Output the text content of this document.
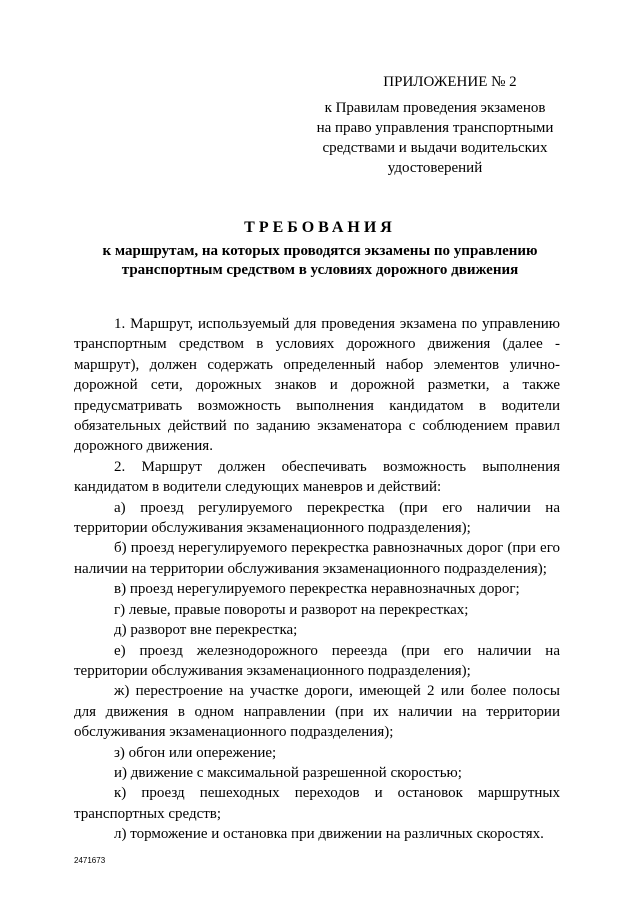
ПРИЛОЖЕНИЕ № 2
к Правилам проведения экзаменов
на право управления транспортными
средствами и выдачи водительских
удостоверений
ТРЕБОВАНИЯ
к маршрутам, на которых проводятся экзамены по управлению
транспортным средством в условиях дорожного движения

1. Маршрут, используемый для проведения экзамена по управлению транспортным средством в условиях дорожного движения (далее - маршрут), должен содержать определенный набор элементов улично-дорожной сети, дорожных знаков и дорожной разметки, а также предусматривать возможность выполнения кандидатом в водители обязательных действий по заданию экзаменатора с соблюдением правил дорожного движения.

2. Маршрут должен обеспечивать возможность выполнения кандидатом в водители следующих маневров и действий:

а) проезд регулируемого перекрестка (при его наличии на территории обслуживания экзаменационного подразделения);

б) проезд нерегулируемого перекрестка равнозначных дорог (при его наличии на территории обслуживания экзаменационного подразделения);

в) проезд нерегулируемого перекрестка неравнозначных дорог;

г) левые, правые повороты и разворот на перекрестках;

д) разворот вне перекрестка;

е) проезд железнодорожного переезда (при его наличии на территории обслуживания экзаменационного подразделения);

ж) перестроение на участке дороги, имеющей 2 или более полосы для движения в одном направлении (при их наличии на территории обслуживания экзаменационного подразделения);

з) обгон или опережение;

и) движение с максимальной разрешенной скоростью;

к) проезд пешеходных переходов и остановок маршрутных транспортных средств;

л) торможение и остановка при движении на различных скоростях.

2471673
